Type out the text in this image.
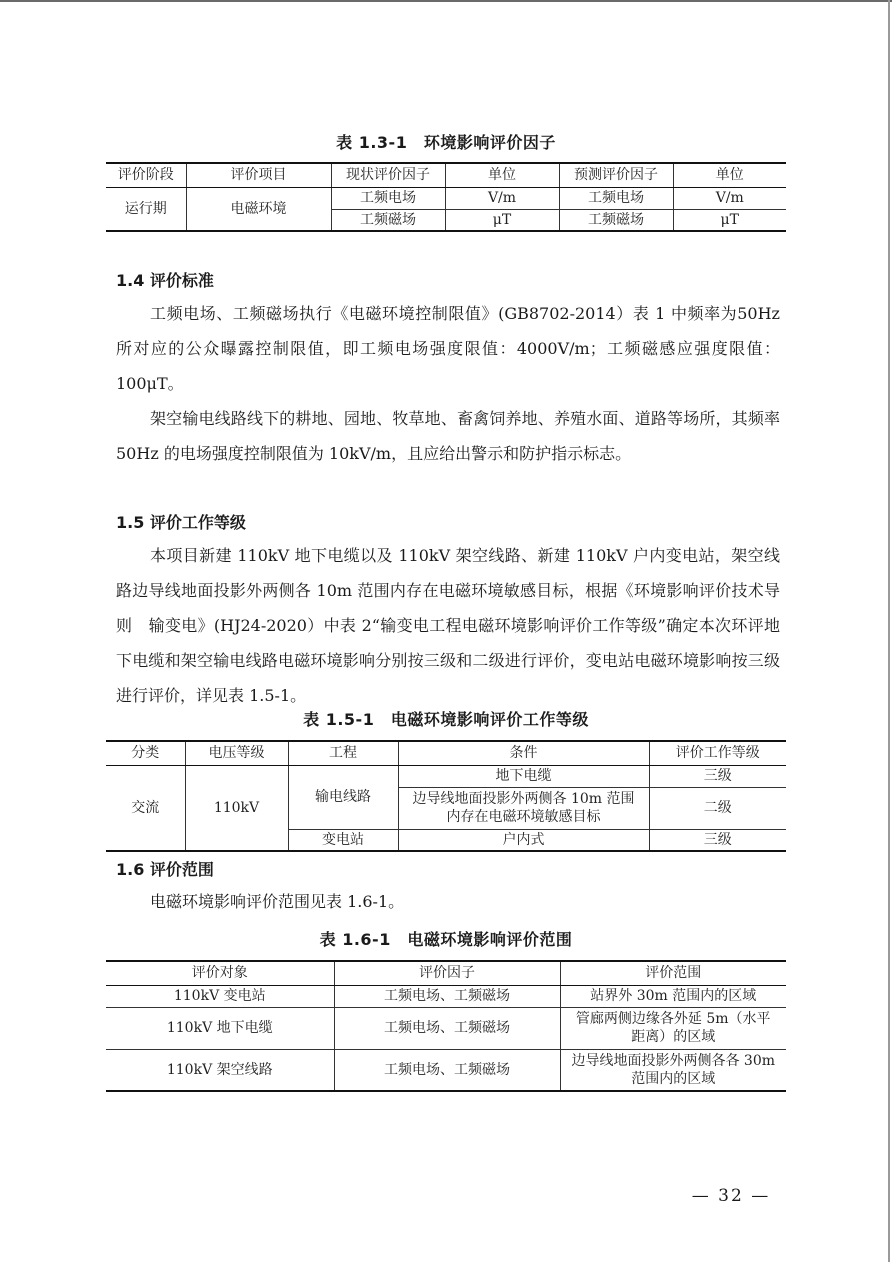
表 1.3-1　环境影响评价因子
评价阶段	评价项目	现状评价因子	单位	预测评价因子	单位
运行期	电磁环境	工频电场	V/m	工频电场	V/m
		工频磁场	μT	工频磁场	μT
1.4 评价标准

工频电场、工频磁场执行《电磁环境控制限值》(GB8702-2014）表 1 中频率为50Hz 所对应的公众曝露控制限值，即工频电场强度限值：4000V/m；工频磁感应强度限值：100μT。

架空输电线路线下的耕地、园地、牧草地、畜禽饲养地、养殖水面、道路等场所，其频率 50Hz 的电场强度控制限值为 10kV/m，且应给出警示和防护指示标志。

1.5 评价工作等级

本项目新建 110kV 地下电缆以及 110kV 架空线路、新建 110kV 户内变电站，架空线路边导线地面投影外两侧各 10m 范围内存在电磁环境敏感目标，根据《环境影响评价技术导则　输变电》(HJ24-2020）中表 2“输变电工程电磁环境影响评价工作等级”确定本次环评地下电缆和架空输电线路电磁环境影响分别按三级和二级进行评价，变电站电磁环境影响按三级进行评价，详见表 1.5-1。

表 1.5-1　电磁环境影响评价工作等级
分类	电压等级	工程	条件	评价工作等级
交流	110kV	输电线路	地下电缆	三级
			边导线地面投影外两侧各 10m 范围内存在电磁环境敏感目标	二级
		变电站	户内式	三级
1.6 评价范围

电磁环境影响评价范围见表 1.6-1。

表 1.6-1　电磁环境影响评价范围
评价对象	评价因子	评价范围
110kV 变电站	工频电场、工频磁场	站界外 30m 范围内的区域
110kV 地下电缆	工频电场、工频磁场	管廊两侧边缘各外延 5m（水平距离）的区域
110kV 架空线路	工频电场、工频磁场	边导线地面投影外两侧各各 30m 范围内的区域
— 32 —
